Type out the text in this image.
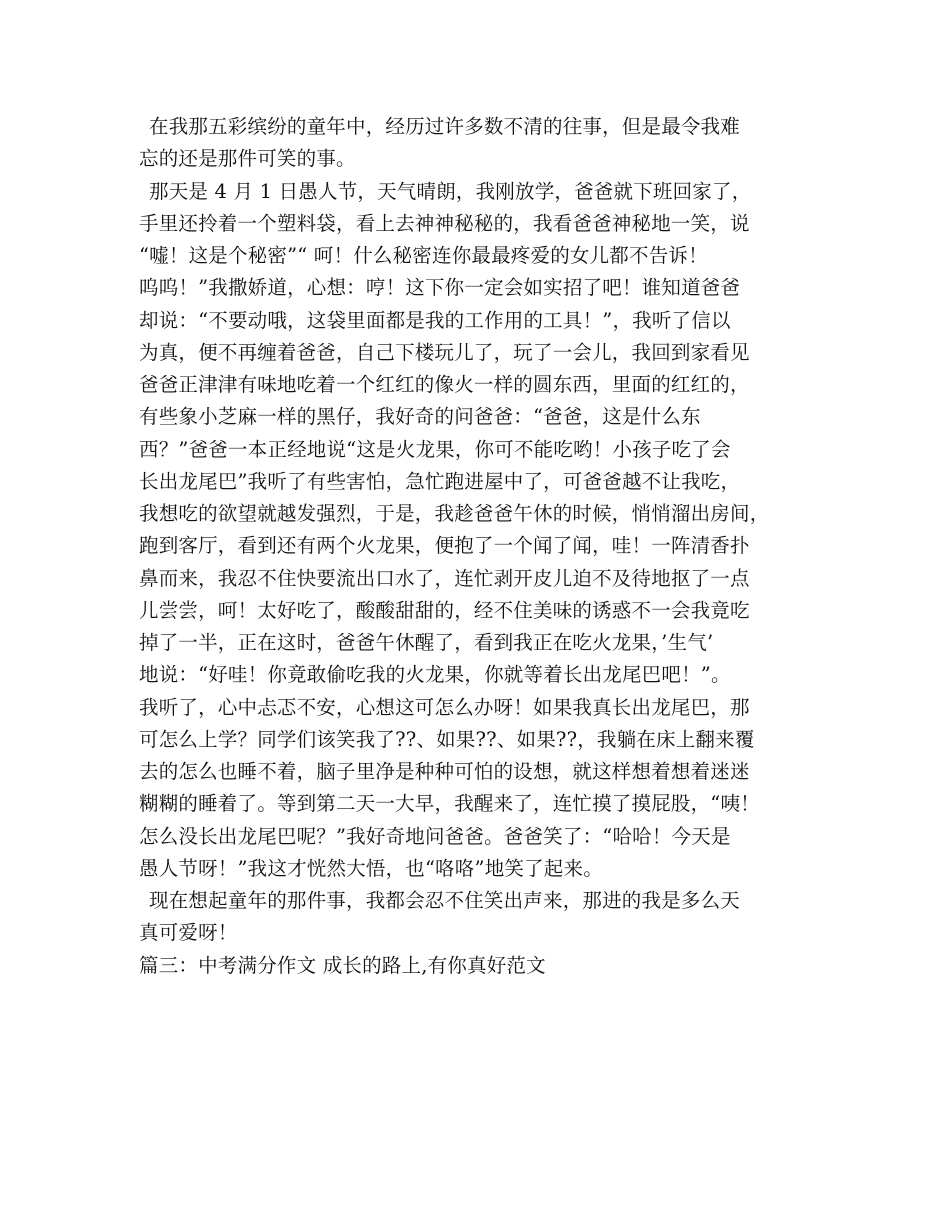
在我那五彩缤纷的童年中，经历过许多数不清的往事，但是最令我难
忘的还是那件可笑的事。
那天是 4 月 1 日愚人节，天气晴朗，我刚放学，爸爸就下班回家了，
手里还拎着一个塑料袋，看上去神神秘秘的，我看爸爸神秘地一笑，说
“嘘！这是个秘密”“ 呵！什么秘密连你最最疼爱的女儿都不告诉！
呜呜！”我撒娇道，心想：哼！这下你一定会如实招了吧！谁知道爸爸
却说：“不要动哦，这袋里面都是我的工作用的工具！”，我听了信以
为真，便不再缠着爸爸，自己下楼玩儿了，玩了一会儿，我回到家看见
爸爸正津津有味地吃着一个红红的像火一样的圆东西，里面的红红的，
有些象小芝麻一样的黑仔，我好奇的问爸爸：“爸爸，这是什么东
西？”爸爸一本正经地说“这是火龙果，你可不能吃哟！小孩子吃了会
长出龙尾巴”我听了有些害怕，急忙跑进屋中了，可爸爸越不让我吃，
我想吃的欲望就越发强烈，于是，我趁爸爸午休的时候，悄悄溜出房间，
跑到客厅，看到还有两个火龙果，便抱了一个闻了闻，哇！一阵清香扑
鼻而来，我忍不住快要流出口水了，连忙剥开皮儿迫不及待地抠了一点
儿尝尝，呵！太好吃了，酸酸甜甜的，经不住美味的诱惑不一会我竟吃
掉了一半，正在这时，爸爸午休醒了，看到我正在吃火龙果，’生气’
地说：“好哇！你竟敢偷吃我的火龙果，你就等着长出龙尾巴吧！”。
我听了，心中忐忑不安，心想这可怎么办呀！如果我真长出龙尾巴，那
可怎么上学？同学们该笑我了??、如果??、如果??，我躺在床上翻来覆
去的怎么也睡不着，脑子里净是种种可怕的设想，就这样想着想着迷迷
糊糊的睡着了。等到第二天一大早，我醒来了，连忙摸了摸屁股，“咦！
怎么没长出龙尾巴呢？”我好奇地问爸爸。爸爸笑了：“哈哈！今天是
愚人节呀！”我这才恍然大悟，也“咯咯”地笑了起来。
现在想起童年的那件事，我都会忍不住笑出声来，那进的我是多么天
真可爱呀！
篇三：中考满分作文 成长的路上,有你真好范文
